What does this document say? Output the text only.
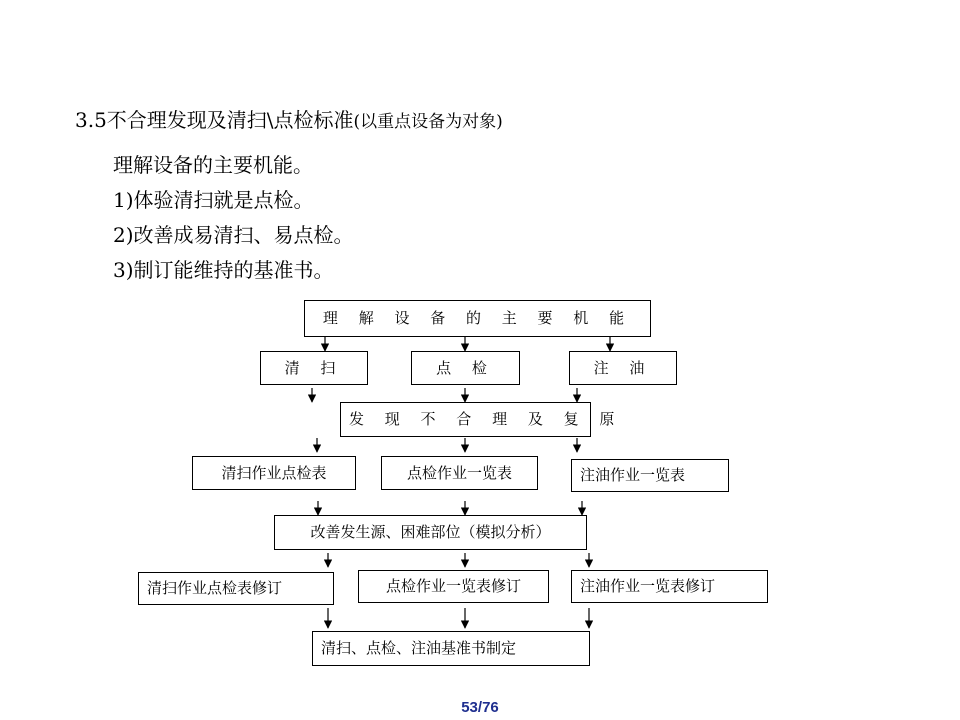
3.5不合理发现及清扫\点检标准(以重点设备为对象)
理解设备的主要机能。
1)体验清扫就是点检。
2)改善成易清扫、易点检。
3)制订能维持的基准书。
理 解 设 备 的 主 要 机 能
清 扫	点 检	注 油
发 现 不 合 理 及 复 原
清扫作业点检表	点检作业一览表	注油作业一览表
改善发生源、困难部位（模拟分析）
清扫作业点检表修订	点检作业一览表修订	注油作业一览表修订
清扫、点检、注油基准书制定
53/76
